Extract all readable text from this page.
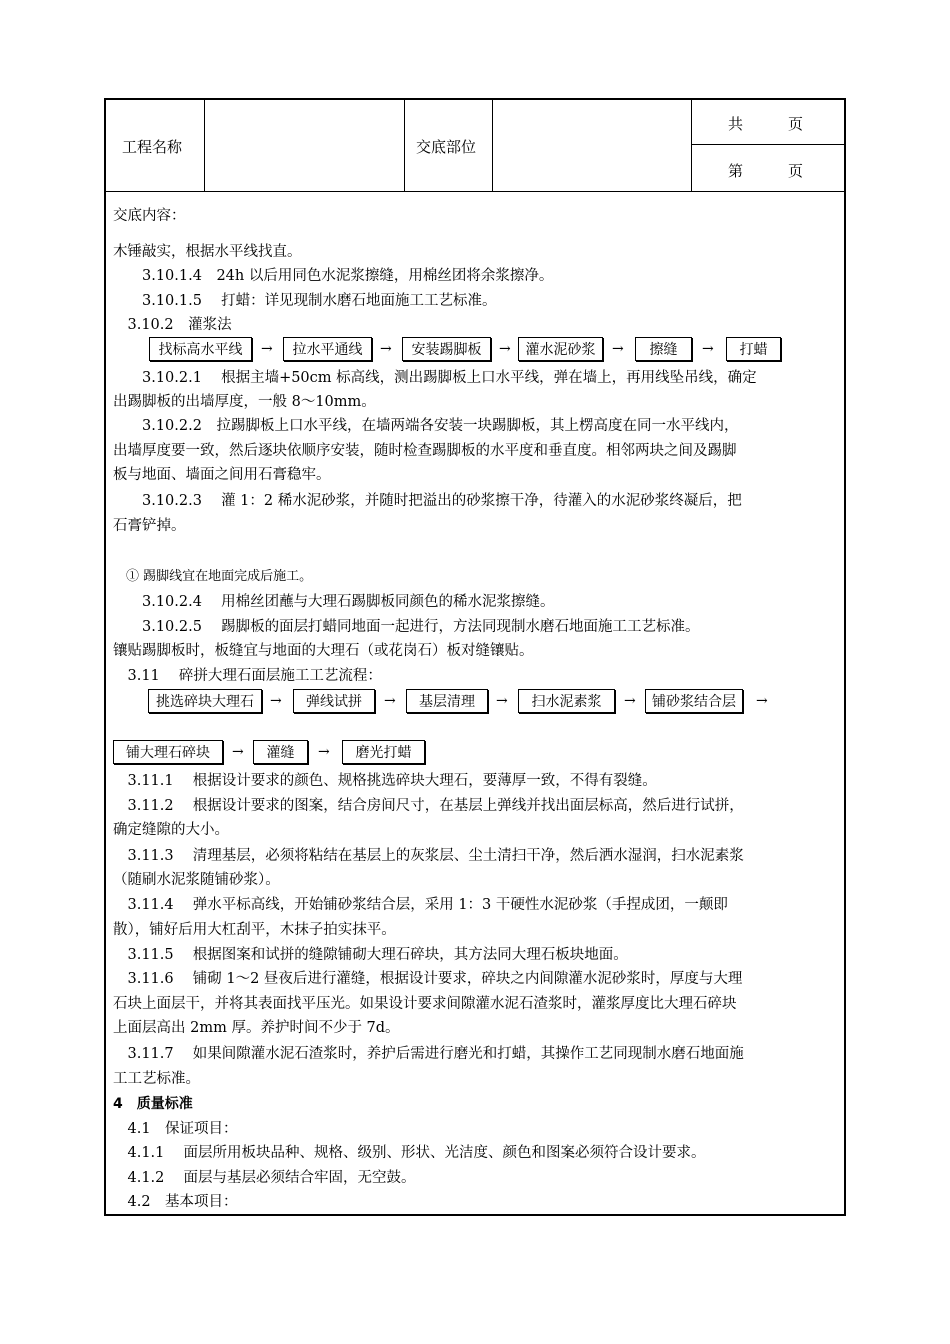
工程名称	交底部位
共　　　页
第　　　页
交底内容：
木锤敲实，根据水平线找直。
　　3.10.1.4　24h 以后用同色水泥浆擦缝，用棉丝团将余浆擦净。
　　3.10.1.5　 打蜡：详见现制水磨石地面施工工艺标准。
　3.10.2　灌浆法
找标高水平线	→	拉水平通线	→	安装踢脚板	→	灌水泥砂浆	→	擦缝	→	打蜡
　　3.10.2.1　 根据主墙+50cm 标高线，测出踢脚板上口水平线，弹在墙上，再用线坠吊线，确定
出踢脚板的出墙厚度，一般 8～10mm。
　　3.10.2.2　拉踢脚板上口水平线，在墙两端各安装一块踢脚板，其上楞高度在同一水平线内，
出墙厚度要一致，然后逐块依顺序安装，随时检查踢脚板的水平度和垂直度。相邻两块之间及踢脚
板与地面、墙面之间用石膏稳牢。
　　3.10.2.3　 灌 1：2 稀水泥砂浆，并随时把溢出的砂浆擦干净，待灌入的水泥砂浆终凝后，把
石膏铲掉。
　① 踢脚线宜在地面完成后施工。
　　3.10.2.4　 用棉丝团蘸与大理石踢脚板同颜色的稀水泥浆擦缝。
　　3.10.2.5　 踢脚板的面层打蜡同地面一起进行，方法同现制水磨石地面施工工艺标准。
镶贴踢脚板时，板缝宜与地面的大理石（或花岗石）板对缝镶贴。
　3.11　 碎拼大理石面层施工工艺流程：
挑选碎块大理石	→	弹线试拼	→	基层清理	→	扫水泥素浆	→	铺砂浆结合层	→
铺大理石碎块	→	灌缝	→	磨光打蜡
　3.11.1　 根据设计要求的颜色、规格挑选碎块大理石，要薄厚一致，不得有裂缝。
　3.11.2　 根据设计要求的图案，结合房间尺寸，在基层上弹线并找出面层标高，然后进行试拼，
确定缝隙的大小。
　3.11.3　 清理基层，必须将粘结在基层上的灰浆层、尘土清扫干净，然后洒水湿润，扫水泥素浆
（随刷水泥浆随铺砂浆）。
　3.11.4　 弹水平标高线，开始铺砂浆结合层，采用 1：3 干硬性水泥砂浆（手捏成团，一颠即
散），铺好后用大杠刮平，木抹子拍实抹平。
　3.11.5　 根据图案和试拼的缝隙铺砌大理石碎块，其方法同大理石板块地面。
　3.11.6　 铺砌 1～2 昼夜后进行灌缝，根据设计要求，碎块之内间隙灌水泥砂浆时，厚度与大理
石块上面层干，并将其表面找平压光。如果设计要求间隙灌水泥石渣浆时，灌浆厚度比大理石碎块
上面层高出 2mm 厚。养护时间不少于 7d。
　3.11.7　 如果间隙灌水泥石渣浆时，养护后需进行磨光和打蜡，其操作工艺同现制水磨石地面施
工工艺标准。
4　质量标准
　4.1　保证项目：
　4.1.1　 面层所用板块品种、规格、级别、形状、光洁度、颜色和图案必须符合设计要求。
　4.1.2　 面层与基层必须结合牢固，无空鼓。
　4.2　基本项目：
